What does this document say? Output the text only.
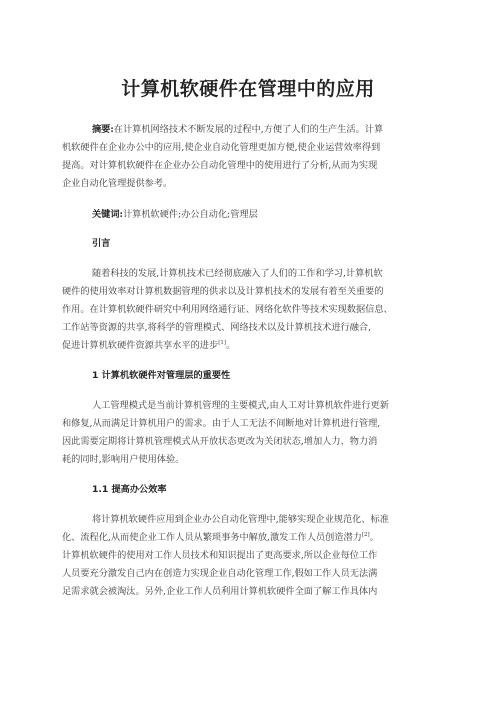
计算机软硬件在管理中的应用
摘要:在计算机网络技术不断发展的过程中,方便了人们的生产生活。计算
机软硬件在企业办公中的应用,使企业自动化管理更加方便,使企业运营效率得到
提高。对计算机软硬件在企业办公自动化管理中的使用进行了分析,从而为实现
企业自动化管理提供参考。
关键词:计算机软硬件;办公自动化;管理层
引言
随着科技的发展,计算机技术已经彻底融入了人们的工作和学习,计算机软
硬件的使用效率对计算机数据管理的供求以及计算机技术的发展有着至关重要的
作用。在计算机软硬件研究中利用网络通行证、网络化软件等技术实现数据信息、
工作站等资源的共享,将科学的管理模式、网络技术以及计算机技术进行融合,
促进计算机软硬件资源共享水平的进步[1]。
1 计算机软硬件对管理层的重要性
人工管理模式是当前计算机管理的主要模式,由人工对计算机软件进行更新
和修复,从而满足计算机用户的需求。由于人工无法不间断地对计算机进行管理,
因此需要定期将计算机管理模式从开放状态更改为关闭状态,增加人力、物力消
耗的同时,影响用户使用体验。
1.1 提高办公效率
将计算机软硬件应用到企业办公自动化管理中,能够实现企业规范化、标准
化、流程化,从而使企业工作人员从繁琐事务中解放,激发工作人员创造潜力[2]。
计算机软硬件的使用对工作人员技术和知识提出了更高要求,所以企业每位工作
人员要充分激发自己内在创造力实现企业自动化管理工作,假如工作人员无法满
足需求就会被淘汰。另外,企业工作人员利用计算机软硬件全面了解工作具体内
